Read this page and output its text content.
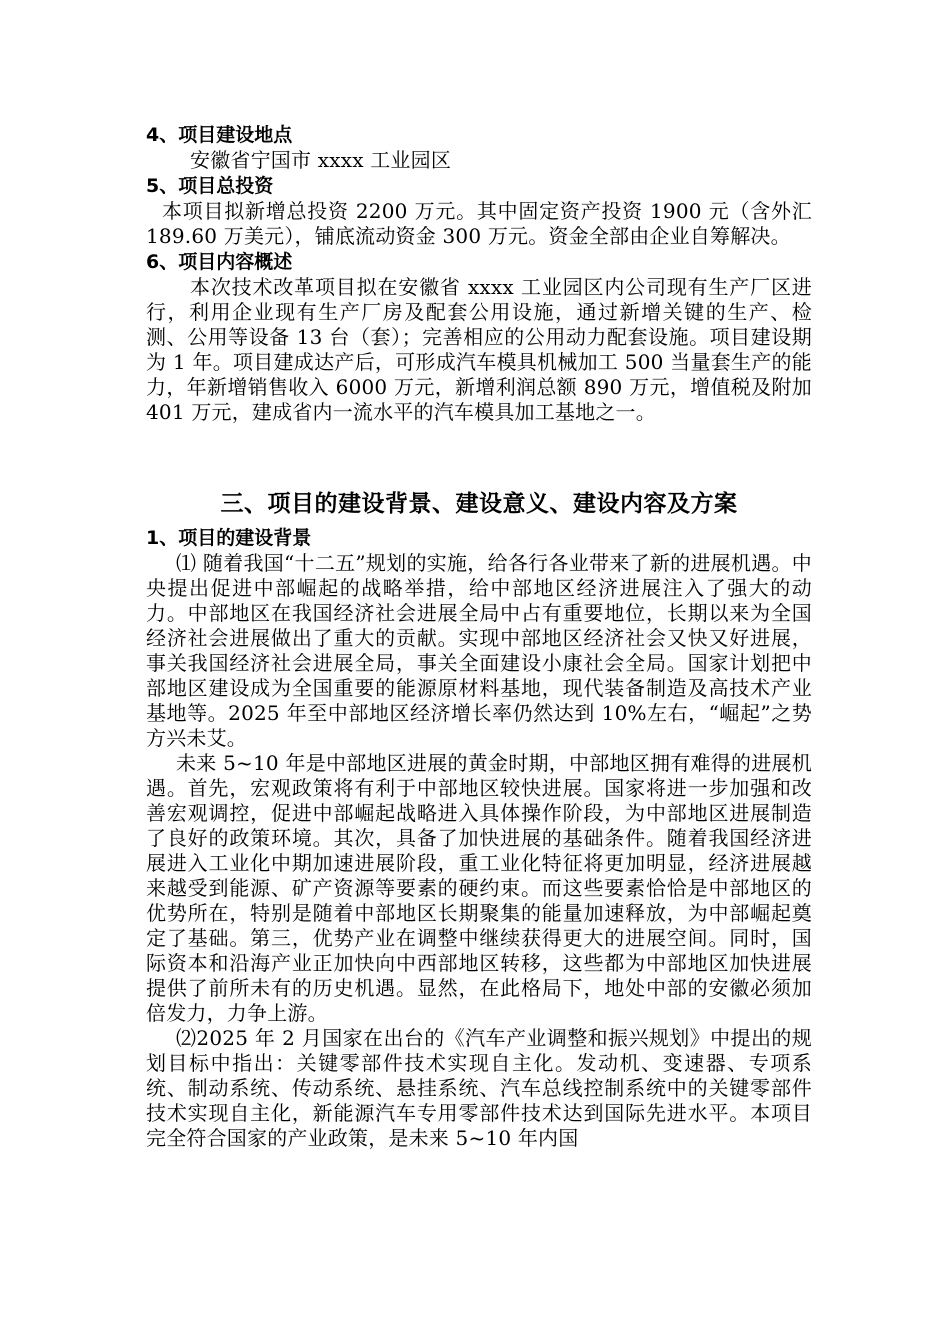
4、项目建设地点

安徽省宁国市 xxxx 工业园区

5、项目总投资

本项目拟新增总投资 2200 万元。其中固定资产投资 1900 元（含外汇 189.60 万美元），铺底流动资金 300 万元。资金全部由企业自筹解决。

6、项目内容概述

本次技术改革项目拟在安徽省 xxxx 工业园区内公司现有生产厂区进行，利用企业现有生产厂房及配套公用设施，通过新增关键的生产、检测、公用等设备 13 台（套）；完善相应的公用动力配套设施。项目建设期为 1 年。项目建成达产后，可形成汽车模具机械加工 500 当量套生产的能力，年新增销售收入 6000 万元，新增利润总额 890 万元，增值税及附加 401 万元，建成省内一流水平的汽车模具加工基地之一。

三、项目的建设背景、建设意义、建设内容及方案

1、项目的建设背景

⑴ 随着我国“十二五”规划的实施，给各行各业带来了新的进展机遇。中央提出促进中部崛起的战略举措，给中部地区经济进展注入了强大的动力。中部地区在我国经济社会进展全局中占有重要地位，长期以来为全国经济社会进展做出了重大的贡献。实现中部地区经济社会又快又好进展，事关我国经济社会进展全局，事关全面建设小康社会全局。国家计划把中部地区建设成为全国重要的能源原材料基地，现代装备制造及高技术产业基地等。2025 年至中部地区经济增长率仍然达到 10%左右，“崛起”之势方兴未艾。

未来 5~10 年是中部地区进展的黄金时期，中部地区拥有难得的进展机遇。首先，宏观政策将有利于中部地区较快进展。国家将进一步加强和改善宏观调控，促进中部崛起战略进入具体操作阶段，为中部地区进展制造了良好的政策环境。其次，具备了加快进展的基础条件。随着我国经济进展进入工业化中期加速进展阶段，重工业化特征将更加明显，经济进展越来越受到能源、矿产资源等要素的硬约束。而这些要素恰恰是中部地区的优势所在，特别是随着中部地区长期聚集的能量加速释放，为中部崛起奠定了基础。第三，优势产业在调整中继续获得更大的进展空间。同时，国际资本和沿海产业正加快向中西部地区转移，这些都为中部地区加快进展提供了前所未有的历史机遇。显然，在此格局下，地处中部的安徽必须加倍发力，力争上游。

⑵2025 年 2 月国家在出台的《汽车产业调整和振兴规划》中提出的规划目标中指出：关键零部件技术实现自主化。发动机、变速器、专项系统、制动系统、传动系统、悬挂系统、汽车总线控制系统中的关键零部件技术实现自主化，新能源汽车专用零部件技术达到国际先进水平。本项目完全符合国家的产业政策，是未来 5~10 年内国
